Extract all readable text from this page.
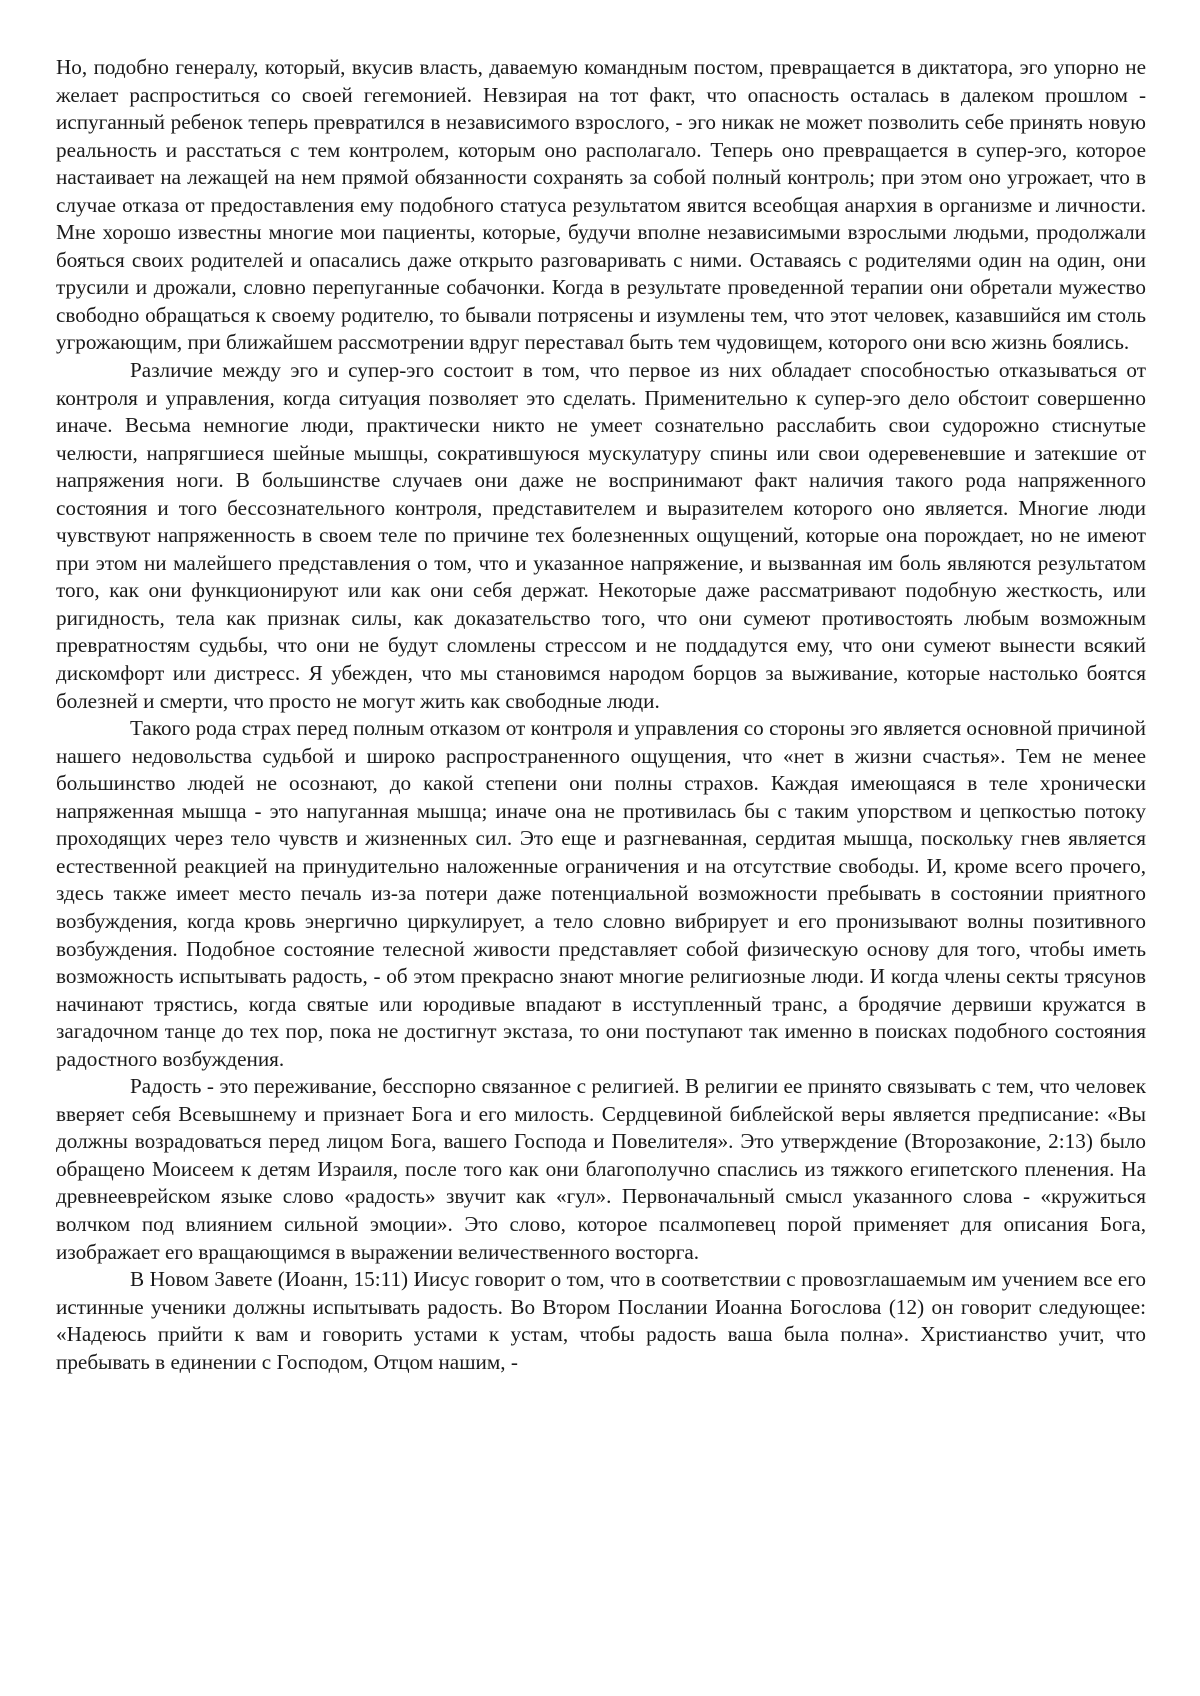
Но, подобно генералу, который, вкусив власть, даваемую командным постом, превращается в диктатора, эго упорно не желает распроститься со своей гегемонией. Невзирая на тот факт, что опасность осталась в далеком прошлом - испуганный ребенок теперь превратился в независимого взрослого, - эго никак не может позволить себе принять новую реальность и расстаться с тем контролем, которым оно располагало. Теперь оно превращается в супер-эго, которое настаивает на лежащей на нем прямой обязанности сохранять за собой полный контроль; при этом оно угрожает, что в случае отказа от предоставления ему подобного статуса результатом явится всеобщая анархия в организме и личности. Мне хорошо известны многие мои пациенты, которые, будучи вполне независимыми взрослыми людьми, продолжали бояться своих родителей и опасались даже открыто разговаривать с ними. Оставаясь с родителями один на один, они трусили и дрожали, словно перепуганные собачонки. Когда в результате проведенной терапии они обретали мужество свободно обращаться к своему родителю, то бывали потрясены и изумлены тем, что этот человек, казавшийся им столь угрожающим, при ближайшем рассмотрении вдруг переставал быть тем чудовищем, которого они всю жизнь боялись.

Различие между эго и супер-эго состоит в том, что первое из них обладает способностью отказываться от контроля и управления, когда ситуация позволяет это сделать. Применительно к супер-эго дело обстоит совершенно иначе. Весьма немногие люди, практически никто не умеет сознательно расслабить свои судорожно стиснутые челюсти, напрягшиеся шейные мышцы, сократившуюся мускулатуру спины или свои одеревеневшие и затекшие от напряжения ноги. В большинстве случаев они даже не воспринимают факт наличия такого рода напряженного состояния и того бессознательного контроля, представителем и выразителем которого оно является. Многие люди чувствуют напряженность в своем теле по причине тех болезненных ощущений, которые она порождает, но не имеют при этом ни малейшего представления о том, что и указанное напряжение, и вызванная им боль являются результатом того, как они функционируют или как они себя держат. Некоторые даже рассматривают подобную жесткость, или ригидность, тела как признак силы, как доказательство того, что они сумеют противостоять любым возможным превратностям судьбы, что они не будут сломлены стрессом и не поддадутся ему, что они сумеют вынести всякий дискомфорт или дистресс. Я убежден, что мы становимся народом борцов за выживание, которые настолько боятся болезней и смерти, что просто не могут жить как свободные люди.

Такого рода страх перед полным отказом от контроля и управления со стороны эго является основной причиной нашего недовольства судьбой и широко распространенного ощущения, что «нет в жизни счастья». Тем не менее большинство людей не осознают, до какой степени они полны страхов. Каждая имеющаяся в теле хронически напряженная мышца - это напуганная мышца; иначе она не противилась бы с таким упорством и цепкостью потоку проходящих через тело чувств и жизненных сил. Это еще и разгневанная, сердитая мышца, поскольку гнев является естественной реакцией на принудительно наложенные ограничения и на отсутствие свободы. И, кроме всего прочего, здесь также имеет место печаль из-за потери даже потенциальной возможности пребывать в состоянии приятного возбуждения, когда кровь энергично циркулирует, а тело словно вибрирует и его пронизывают волны позитивного возбуждения. Подобное состояние телесной живости представляет собой физическую основу для того, чтобы иметь возможность испытывать радость, - об этом прекрасно знают многие религиозные люди. И когда члены секты трясунов начинают трястись, когда святые или юродивые впадают в исступленный транс, а бродячие дервиши кружатся в загадочном танце до тех пор, пока не достигнут экстаза, то они поступают так именно в поисках подобного состояния радостного возбуждения.

Радость - это переживание, бесспорно связанное с религией. В религии ее принято связывать с тем, что человек вверяет себя Всевышнему и признает Бога и его милость. Сердцевиной библейской веры является предписание: «Вы должны возрадоваться перед лицом Бога, вашего Господа и Повелителя». Это утверждение (Второзаконие, 2:13) было обращено Моисеем к детям Израиля, после того как они благополучно спаслись из тяжкого египетского пленения. На древнееврейском языке слово «радость» звучит как «гул». Первоначальный смысл указанного слова - «кружиться волчком под влиянием сильной эмоции». Это слово, которое псалмопевец порой применяет для описания Бога, изображает его вращающимся в выражении величественного восторга.

В Новом Завете (Иоанн, 15:11) Иисус говорит о том, что в соответствии с провозглашаемым им учением все его истинные ученики должны испытывать радость. Во Втором Послании Иоанна Богослова (12) он говорит следующее: «Надеюсь прийти к вам и говорить устами к устам, чтобы радость ваша была полна». Христианство учит, что пребывать в единении с Господом, Отцом нашим, -
